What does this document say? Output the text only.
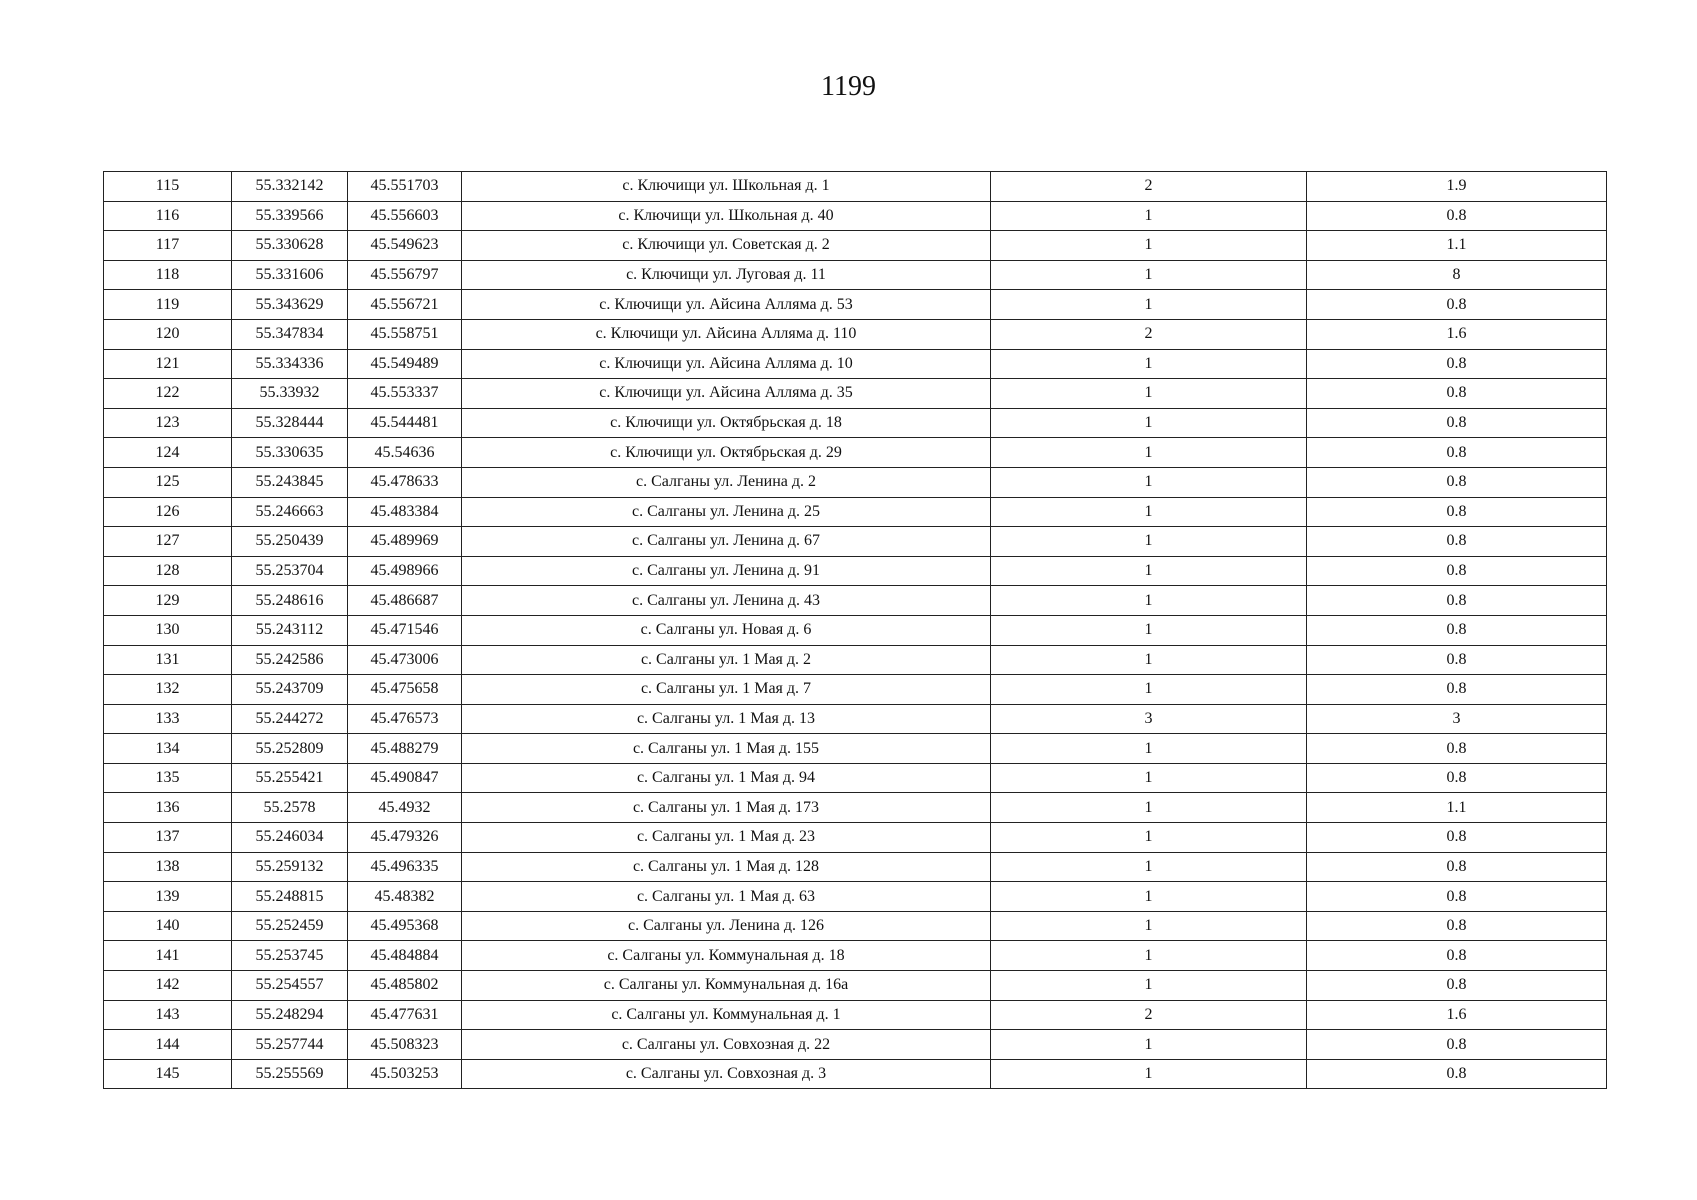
1199
115	55.332142	45.551703	с. Ключищи ул. Школьная д. 1	2	1.9
116	55.339566	45.556603	с. Ключищи ул. Школьная д. 40	1	0.8
117	55.330628	45.549623	с. Ключищи ул. Советская д. 2	1	1.1
118	55.331606	45.556797	с. Ключищи ул. Луговая д. 11	1	8
119	55.343629	45.556721	с. Ключищи ул. Айсина Алляма д. 53	1	0.8
120	55.347834	45.558751	с. Ключищи ул. Айсина Алляма д. 110	2	1.6
121	55.334336	45.549489	с. Ключищи ул. Айсина Алляма д. 10	1	0.8
122	55.33932	45.553337	с. Ключищи ул. Айсина Алляма д. 35	1	0.8
123	55.328444	45.544481	с. Ключищи ул. Октябрьская д. 18	1	0.8
124	55.330635	45.54636	с. Ключищи ул. Октябрьская д. 29	1	0.8
125	55.243845	45.478633	с. Салганы ул. Ленина д. 2	1	0.8
126	55.246663	45.483384	с. Салганы ул. Ленина д. 25	1	0.8
127	55.250439	45.489969	с. Салганы ул. Ленина д. 67	1	0.8
128	55.253704	45.498966	с. Салганы ул. Ленина д. 91	1	0.8
129	55.248616	45.486687	с. Салганы ул. Ленина д. 43	1	0.8
130	55.243112	45.471546	с. Салганы ул. Новая д. 6	1	0.8
131	55.242586	45.473006	с. Салганы ул. 1 Мая д. 2	1	0.8
132	55.243709	45.475658	с. Салганы ул. 1 Мая д. 7	1	0.8
133	55.244272	45.476573	с. Салганы ул. 1 Мая д. 13	3	3
134	55.252809	45.488279	с. Салганы ул. 1 Мая д. 155	1	0.8
135	55.255421	45.490847	с. Салганы ул. 1 Мая д. 94	1	0.8
136	55.2578	45.4932	с. Салганы ул. 1 Мая д. 173	1	1.1
137	55.246034	45.479326	с. Салганы ул. 1 Мая д. 23	1	0.8
138	55.259132	45.496335	с. Салганы ул. 1 Мая д. 128	1	0.8
139	55.248815	45.48382	с. Салганы ул. 1 Мая д. 63	1	0.8
140	55.252459	45.495368	с. Салганы ул. Ленина д. 126	1	0.8
141	55.253745	45.484884	с. Салганы ул. Коммунальная д. 18	1	0.8
142	55.254557	45.485802	с. Салганы ул. Коммунальная д. 16а	1	0.8
143	55.248294	45.477631	с. Салганы ул. Коммунальная д. 1	2	1.6
144	55.257744	45.508323	с. Салганы ул. Совхозная д. 22	1	0.8
145	55.255569	45.503253	с. Салганы ул. Совхозная д. 3	1	0.8
